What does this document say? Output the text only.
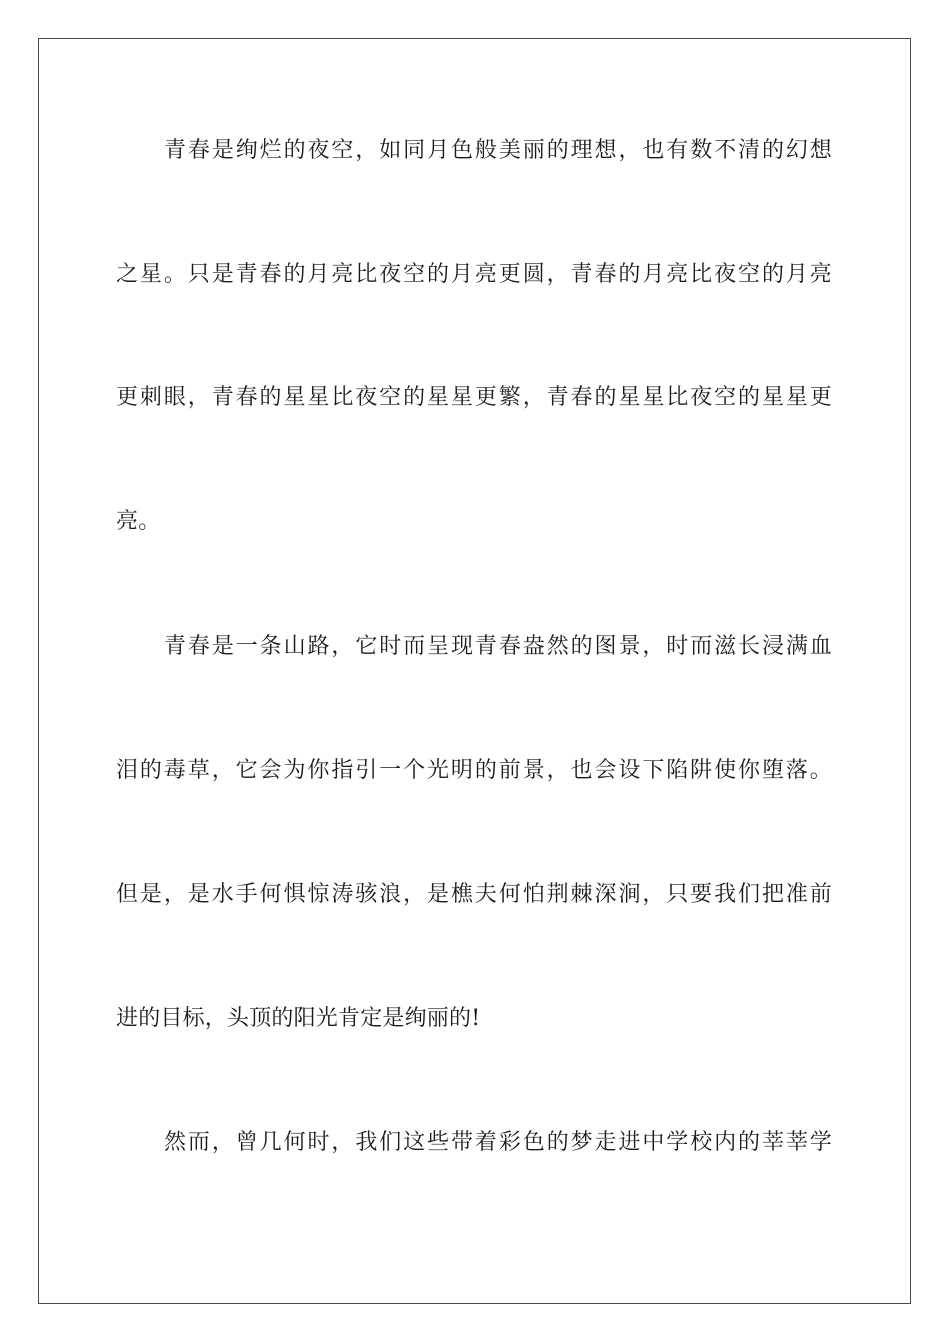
青春是绚烂的夜空，如同月色般美丽的理想，也有数不清的幻想
之星。只是青春的月亮比夜空的月亮更圆，青春的月亮比夜空的月亮
更刺眼，青春的星星比夜空的星星更繁，青春的星星比夜空的星星更
亮。
青春是一条山路，它时而呈现青春盎然的图景，时而滋长浸满血
泪的毒草，它会为你指引一个光明的前景，也会设下陷阱使你堕落。
但是，是水手何惧惊涛骇浪，是樵夫何怕荆棘深涧，只要我们把准前
进的目标，头顶的阳光肯定是绚丽的!
然而，曾几何时，我们这些带着彩色的梦走进中学校内的莘莘学
